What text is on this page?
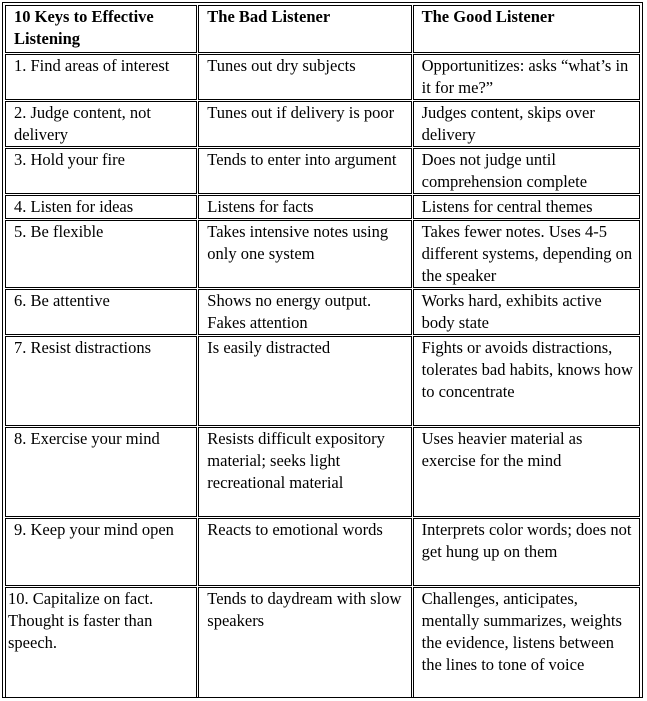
10 Keys to Effective Listening	The Bad Listener	The Good Listener
1. Find areas of interest	Tunes out dry subjects	Opportunitizes: asks “what’s in it for me?”
2. Judge content, not delivery	Tunes out if delivery is poor	Judges content, skips over delivery
3. Hold your fire	Tends to enter into argument	Does not judge until comprehension complete
4. Listen for ideas	Listens for facts	Listens for central themes
5. Be flexible	Takes intensive notes using only one system	Takes fewer notes. Uses 4-5 different systems, depending on the speaker
6. Be attentive	Shows no energy output. Fakes attention	Works hard, exhibits active body state
7. Resist distractions	Is easily distracted	Fights or avoids distractions, tolerates bad habits, knows how to concentrate
8. Exercise your mind	Resists difficult expository material; seeks light recreational material	Uses heavier material as exercise for the mind
9. Keep your mind open	Reacts to emotional words	Interprets color words; does not get hung up on them
10. Capitalize on fact. Thought is faster than speech.	Tends to daydream with slow speakers	Challenges, anticipates, mentally summarizes, weights the evidence, listens between the lines to tone of voice
